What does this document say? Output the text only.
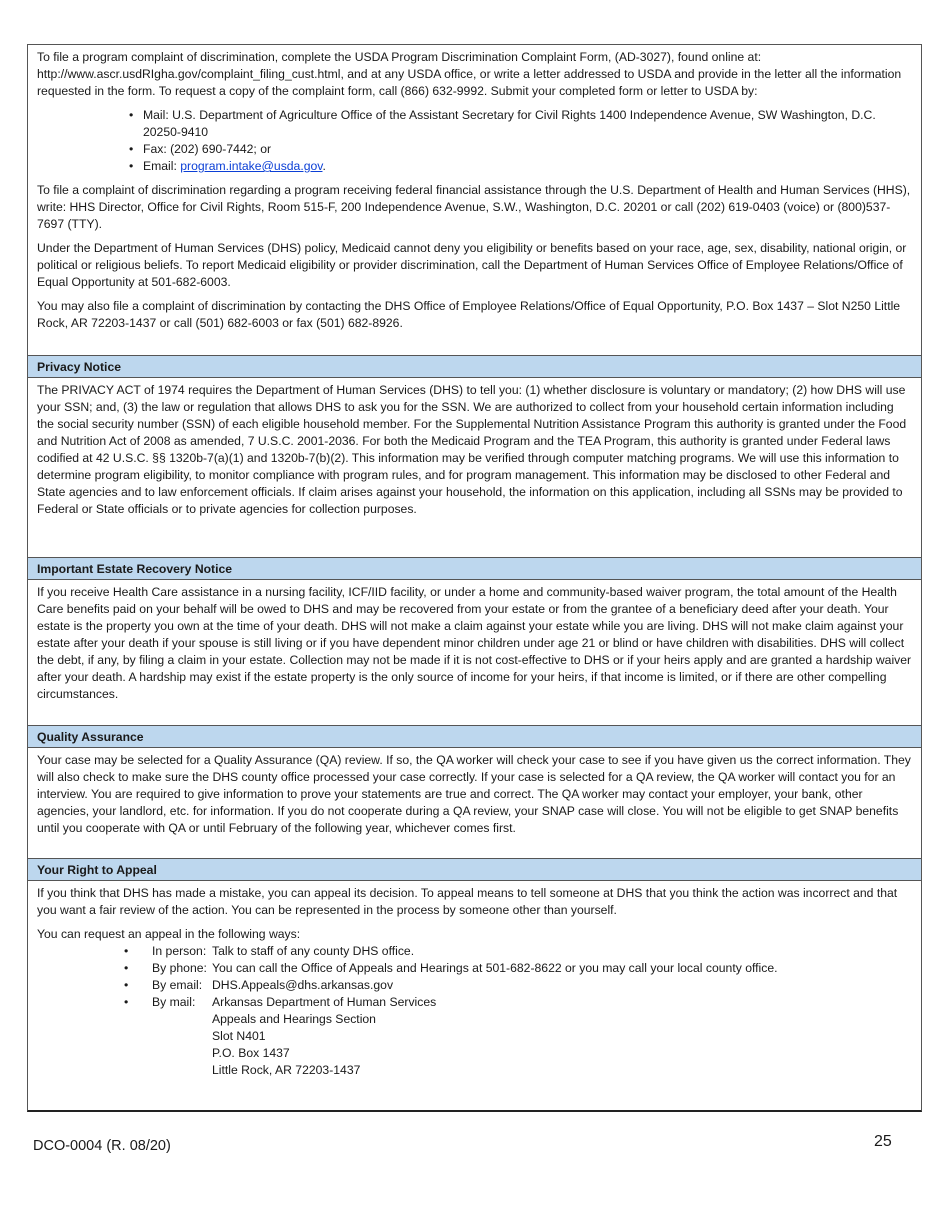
To file a program complaint of discrimination, complete the USDA Program Discrimination Complaint Form, (AD-3027), found online at: http://www.ascr.usdRIgha.gov/complaint_filing_cust.html, and at any USDA office, or write a letter addressed to USDA and provide in the letter all the information requested in the form. To request a copy of the complaint form, call (866) 632-9992. Submit your completed form or letter to USDA by:

• Mail: U.S. Department of Agriculture Office of the Assistant Secretary for Civil Rights 1400 Independence Avenue, SW Washington, D.C. 20250-9410
• Fax: (202) 690-7442; or
• Email: program.intake@usda.gov.

To file a complaint of discrimination regarding a program receiving federal financial assistance through the U.S. Department of Health and Human Services (HHS), write: HHS Director, Office for Civil Rights, Room 515-F, 200 Independence Avenue, S.W., Washington, D.C. 20201 or call (202) 619-0403 (voice) or (800)537-7697 (TTY).

Under the Department of Human Services (DHS) policy, Medicaid cannot deny you eligibility or benefits based on your race, age, sex, disability, national origin, or political or religious beliefs. To report Medicaid eligibility or provider discrimination, call the Department of Human Services Office of Employee Relations/Office of Equal Opportunity at 501-682-6003.

You may also file a complaint of discrimination by contacting the DHS Office of Employee Relations/Office of Equal Opportunity, P.O. Box 1437 – Slot N250 Little Rock, AR 72203-1437 or call (501) 682-6003 or fax (501) 682-8926.

Privacy Notice

The PRIVACY ACT of 1974 requires the Department of Human Services (DHS) to tell you: (1) whether disclosure is voluntary or mandatory; (2) how DHS will use your SSN; and, (3) the law or regulation that allows DHS to ask you for the SSN. We are authorized to collect from your household certain information including the social security number (SSN) of each eligible household member. For the Supplemental Nutrition Assistance Program this authority is granted under the Food and Nutrition Act of 2008 as amended, 7 U.S.C. 2001-2036. For both the Medicaid Program and the TEA Program, this authority is granted under Federal laws codified at 42 U.S.C. §§ 1320b-7(a)(1) and 1320b-7(b)(2). This information may be verified through computer matching programs. We will use this information to determine program eligibility, to monitor compliance with program rules, and for program management. This information may be disclosed to other Federal and State agencies and to law enforcement officials. If claim arises against your household, the information on this application, including all SSNs may be provided to Federal or State officials or to private agencies for collection purposes.

Important Estate Recovery Notice

If you receive Health Care assistance in a nursing facility, ICF/IID facility, or under a home and community-based waiver program, the total amount of the Health Care benefits paid on your behalf will be owed to DHS and may be recovered from your estate or from the grantee of a beneficiary deed after your death. Your estate is the property you own at the time of your death. DHS will not make a claim against your estate while you are living. DHS will not make claim against your estate after your death if your spouse is still living or if you have dependent minor children under age 21 or blind or have children with disabilities. DHS will collect the debt, if any, by filing a claim in your estate. Collection may not be made if it is not cost-effective to DHS or if your heirs apply and are granted a hardship waiver after your death. A hardship may exist if the estate property is the only source of income for your heirs, if that income is limited, or if there are other compelling circumstances.

Quality Assurance

Your case may be selected for a Quality Assurance (QA) review. If so, the QA worker will check your case to see if you have given us the correct information. They will also check to make sure the DHS county office processed your case correctly. If your case is selected for a QA review, the QA worker will contact you for an interview. You are required to give information to prove your statements are true and correct. The QA worker may contact your employer, your bank, other agencies, your landlord, etc. for information. If you do not cooperate during a QA review, your SNAP case will close. You will not be eligible to get SNAP benefits until you cooperate with QA or until February of the following year, whichever comes first.

Your Right to Appeal

If you think that DHS has made a mistake, you can appeal its decision. To appeal means to tell someone at DHS that you think the action was incorrect and that you want a fair review of the action. You can be represented in the process by someone other than yourself.

You can request an appeal in the following ways:

• In person: Talk to staff of any county DHS office.
• By phone: You can call the Office of Appeals and Hearings at 501-682-8622 or you may call your local county office.
• By email: DHS.Appeals@dhs.arkansas.gov
• By mail:	Arkansas Department of Human Services
Appeals and Hearings Section
Slot N401
P.O. Box 1437
Little Rock, AR 72203-1437
DCO-0004 (R. 08/20)	25
